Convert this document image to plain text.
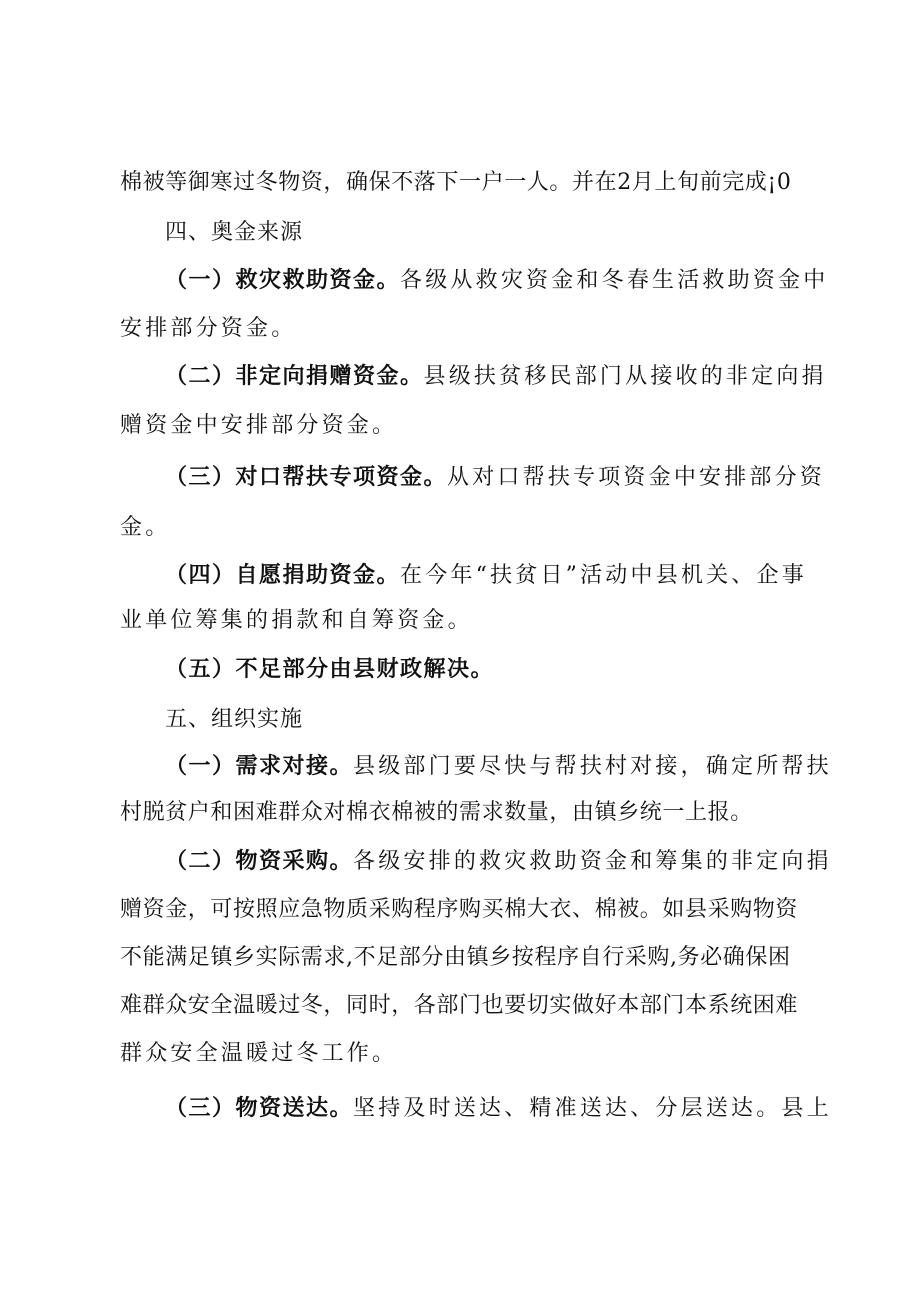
棉被等御寒过冬物资，确保不落下一户一人。并在2月上旬前完成¡0
四、奥金来源
（一）救灾救助资金。各级从救灾资金和冬春生活救助资金中
安排部分资金。
（二）非定向捐赠资金。县级扶贫移民部门从接收的非定向捐
赠资金中安排部分资金。
（三）对口帮扶专项资金。从对口帮扶专项资金中安排部分资
金。
（四）自愿捐助资金。在今年“扶贫日”活动中县机关、企事
业单位筹集的捐款和自筹资金。
（五）不足部分由县财政解决。
五、组织实施
（一）需求对接。县级部门要尽快与帮扶村对接，确定所帮扶
村脱贫户和困难群众对棉衣棉被的需求数量，由镇乡统一上报。
（二）物资采购。各级安排的救灾救助资金和筹集的非定向捐
赠资金，可按照应急物质采购程序购买棉大衣、棉被。如县采购物资
不能满足镇乡实际需求,不足部分由镇乡按程序自行采购,务必确保困
难群众安全温暖过冬，同时，各部门也要切实做好本部门本系统困难
群众安全温暖过冬工作。
（三）物资送达。坚持及时送达、精准送达、分层送达。县上
